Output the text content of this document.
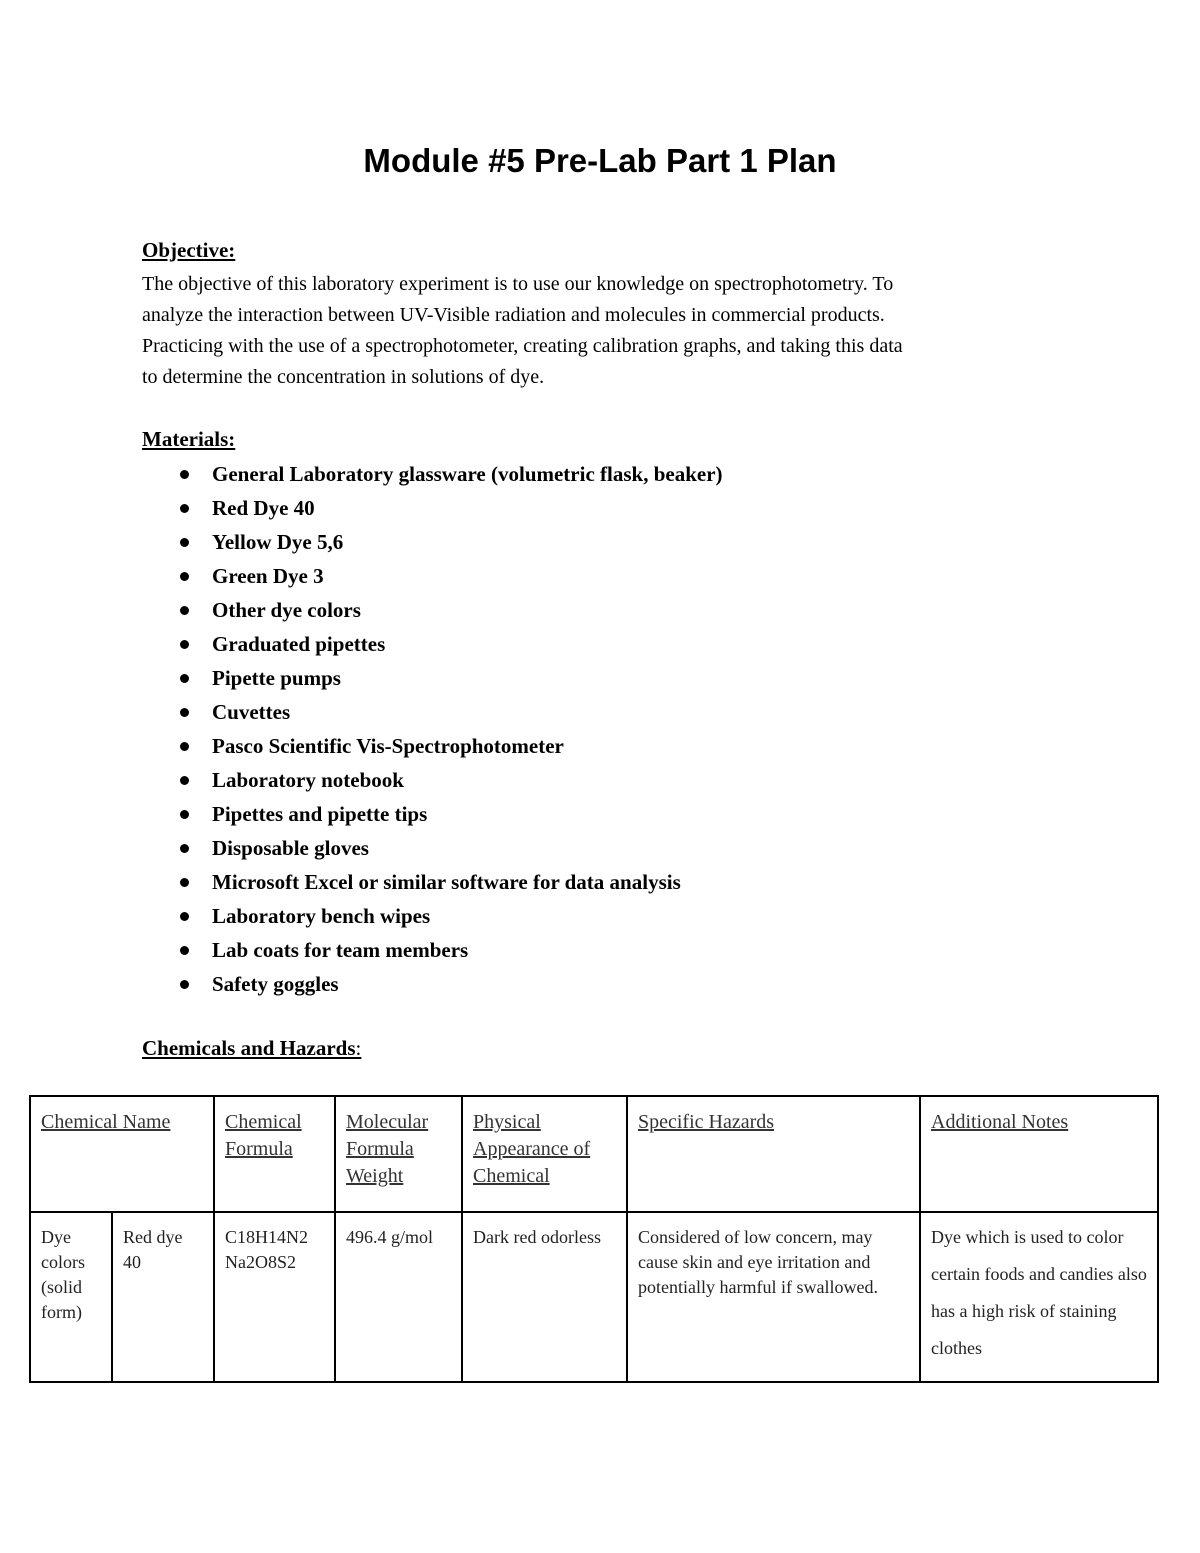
Module #5 Pre-Lab Part 1 Plan
Objective:

The objective of this laboratory experiment is to use our knowledge on spectrophotometry. To
analyze the interaction between UV-Visible radiation and molecules in commercial products.
Practicing with the use of a spectrophotometer, creating calibration graphs, and taking this data
to determine the concentration in solutions of dye.

Materials:
General Laboratory glassware (volumetric flask, beaker)
Red Dye 40
Yellow Dye 5,6
Green Dye 3
Other dye colors
Graduated pipettes
Pipette pumps
Cuvettes
Pasco Scientific Vis-Spectrophotometer
Laboratory notebook
Pipettes and pipette tips
Disposable gloves
Microsoft Excel or similar software for data analysis
Laboratory bench wipes
Lab coats for team members
Safety goggles
Chemicals and Hazards:
Chemical Name		Chemical Formula	Molecular Formula Weight	Physical Appearance of Chemical	Specific Hazards	Additional Notes
Dye colors (solid form)	Red dye 40	C18H14N2 Na2O8S2	496.4 g/mol	Dark red odorless	Considered of low concern, may cause skin and eye irritation and potentially harmful if swallowed.	Dye which is used to color certain foods and candies also has a high risk of staining clothes
